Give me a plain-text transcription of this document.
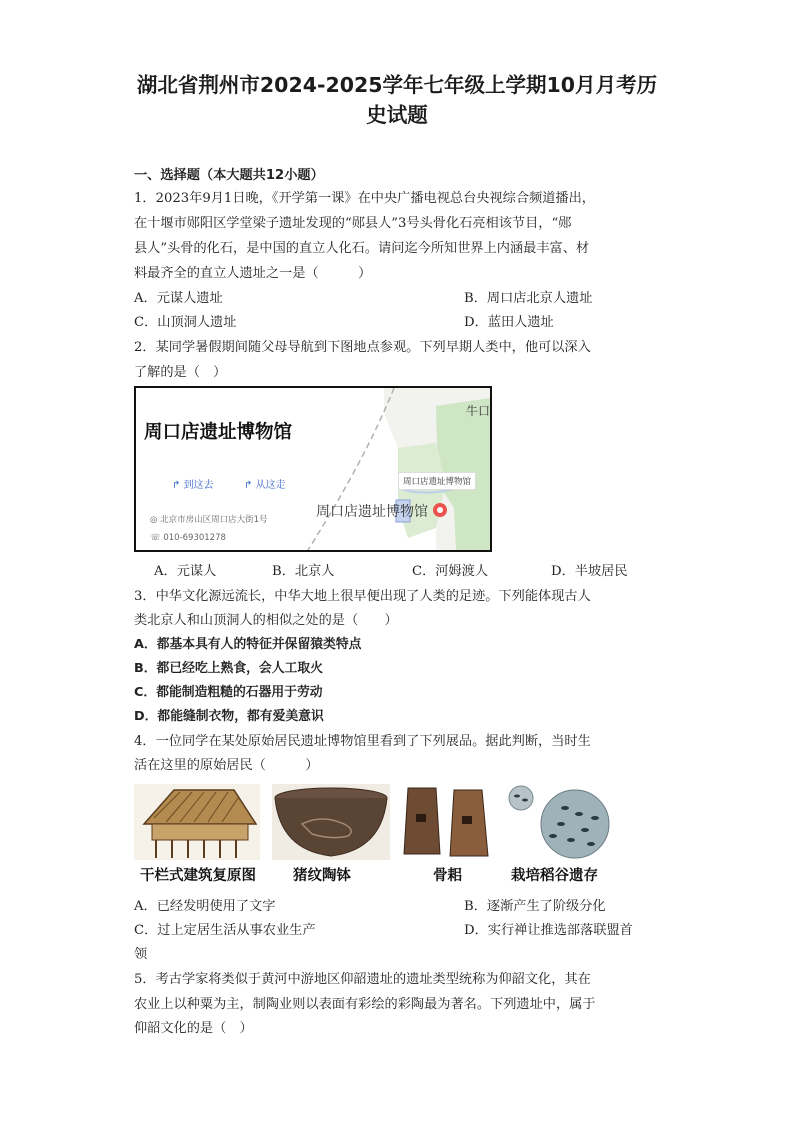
湖北省荆州市2024-2025学年七年级上学期10月月考历
史试题
一、选择题（本大题共12小题）
1．2023年9月1日晚，《开学第一课》在中央广播电视总台央视综合频道播出，
在十堰市郧阳区学堂梁子遗址发现的“郧县人”3号头骨化石亮相该节目，“郧
县人”头骨的化石，是中国的直立人化石。请问迄今所知世界上内涵最丰富、材
料最齐全的直立人遗址之一是（　　　）
A．元谋人遗址	B．周口店北京人遗址
C．山顶洞人遗址	D．蓝田人遗址
2．某同学暑假期间随父母导航到下图地点参观。下列早期人类中，他可以深入
了解的是（　）
周口店遗址博物馆
↱ 到这去	↱ 从这走
◎ 北京市房山区周口店大街1号
☏ 010-69301278
周口店遗址博物馆
周口店遗址博物馆
牛口
A．元谋人	B．北京人	C．河姆渡人	D．半坡居民
3．中华文化源远流长，中华大地上很早便出现了人类的足迹。下列能体现古人
类北京人和山顶洞人的相似之处的是（　　）
A．都基本具有人的特征并保留猿类特点
B．都已经吃上熟食，会人工取火
C．都能制造粗糙的石器用于劳动
D．都能缝制衣物，都有爱美意识
4．一位同学在某处原始居民遗址博物馆里看到了下列展品。据此判断，当时生
活在这里的原始居民（　　　）
干栏式建筑复原图	猪纹陶钵	骨耜	栽培稻谷遗存
A．已经发明使用了文字	B．逐渐产生了阶级分化
C．过上定居生活从事农业生产	D．实行禅让推选部落联盟首
领
5．考古学家将类似于黄河中游地区仰韶遗址的遗址类型统称为仰韶文化，其在
农业上以种粟为主，制陶业则以表面有彩绘的彩陶最为著名。下列遗址中，属于
仰韶文化的是（　）
